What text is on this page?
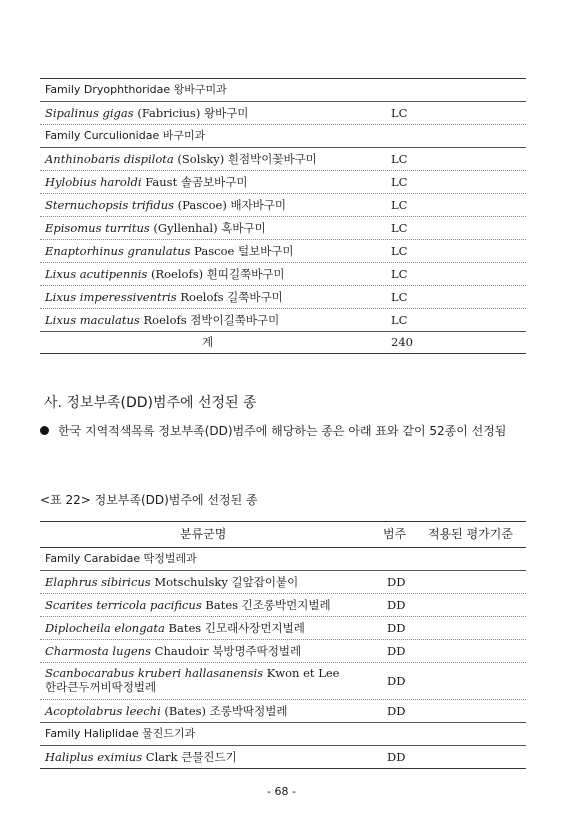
Family Dryophthoridae 왕바구미과
Sipalinus gigas (Fabricius) 왕바구미	LC
Family Curculionidae 바구미과
Anthinobaris dispilota (Solsky) 흰점박이꽃바구미	LC
Hylobius haroldi Faust 솔곰보바구미	LC
Sternuchopsis trifidus (Pascoe) 배자바구미	LC
Episomus turritus (Gyllenhal) 혹바구미	LC
Enaptorhinus granulatus Pascoe 털보바구미	LC
Lixus acutipennis (Roelofs) 흰띠길쭉바구미	LC
Lixus imperessiventris Roelofs 길쭉바구미	LC
Lixus maculatus Roelofs 점박이길쭉바구미	LC
계	240
사. 정보부족(DD)범주에 선정된 종
한국 지역적색목록 정보부족(DD)범주에 해당하는 종은 아래 표와 같이 52종이 선정됨
<표 22> 정보부족(DD)범주에 선정된 종
분류군명	범주 적용된 평가기준
Family Carabidae 딱정벌레과
Elaphrus sibiricus Motschulsky 길앞잡이붙이	DD
Scarites terricola pacificus Bates 긴조롱박먼지벌레	DD
Diplocheila elongata Bates 긴모래사장먼지벌레	DD
Charmosta lugens Chaudoir 북방명주딱정벌레	DD
Scanbocarabus kruberi hallasanensis Kwon et Lee 한라큰두꺼비딱정벌레	DD
Acoptolabrus leechi (Bates) 조롱박딱정벌레	DD
Family Haliplidae 물진드기과
Haliplus eximius Clark 큰물진드기	DD
- 68 -
